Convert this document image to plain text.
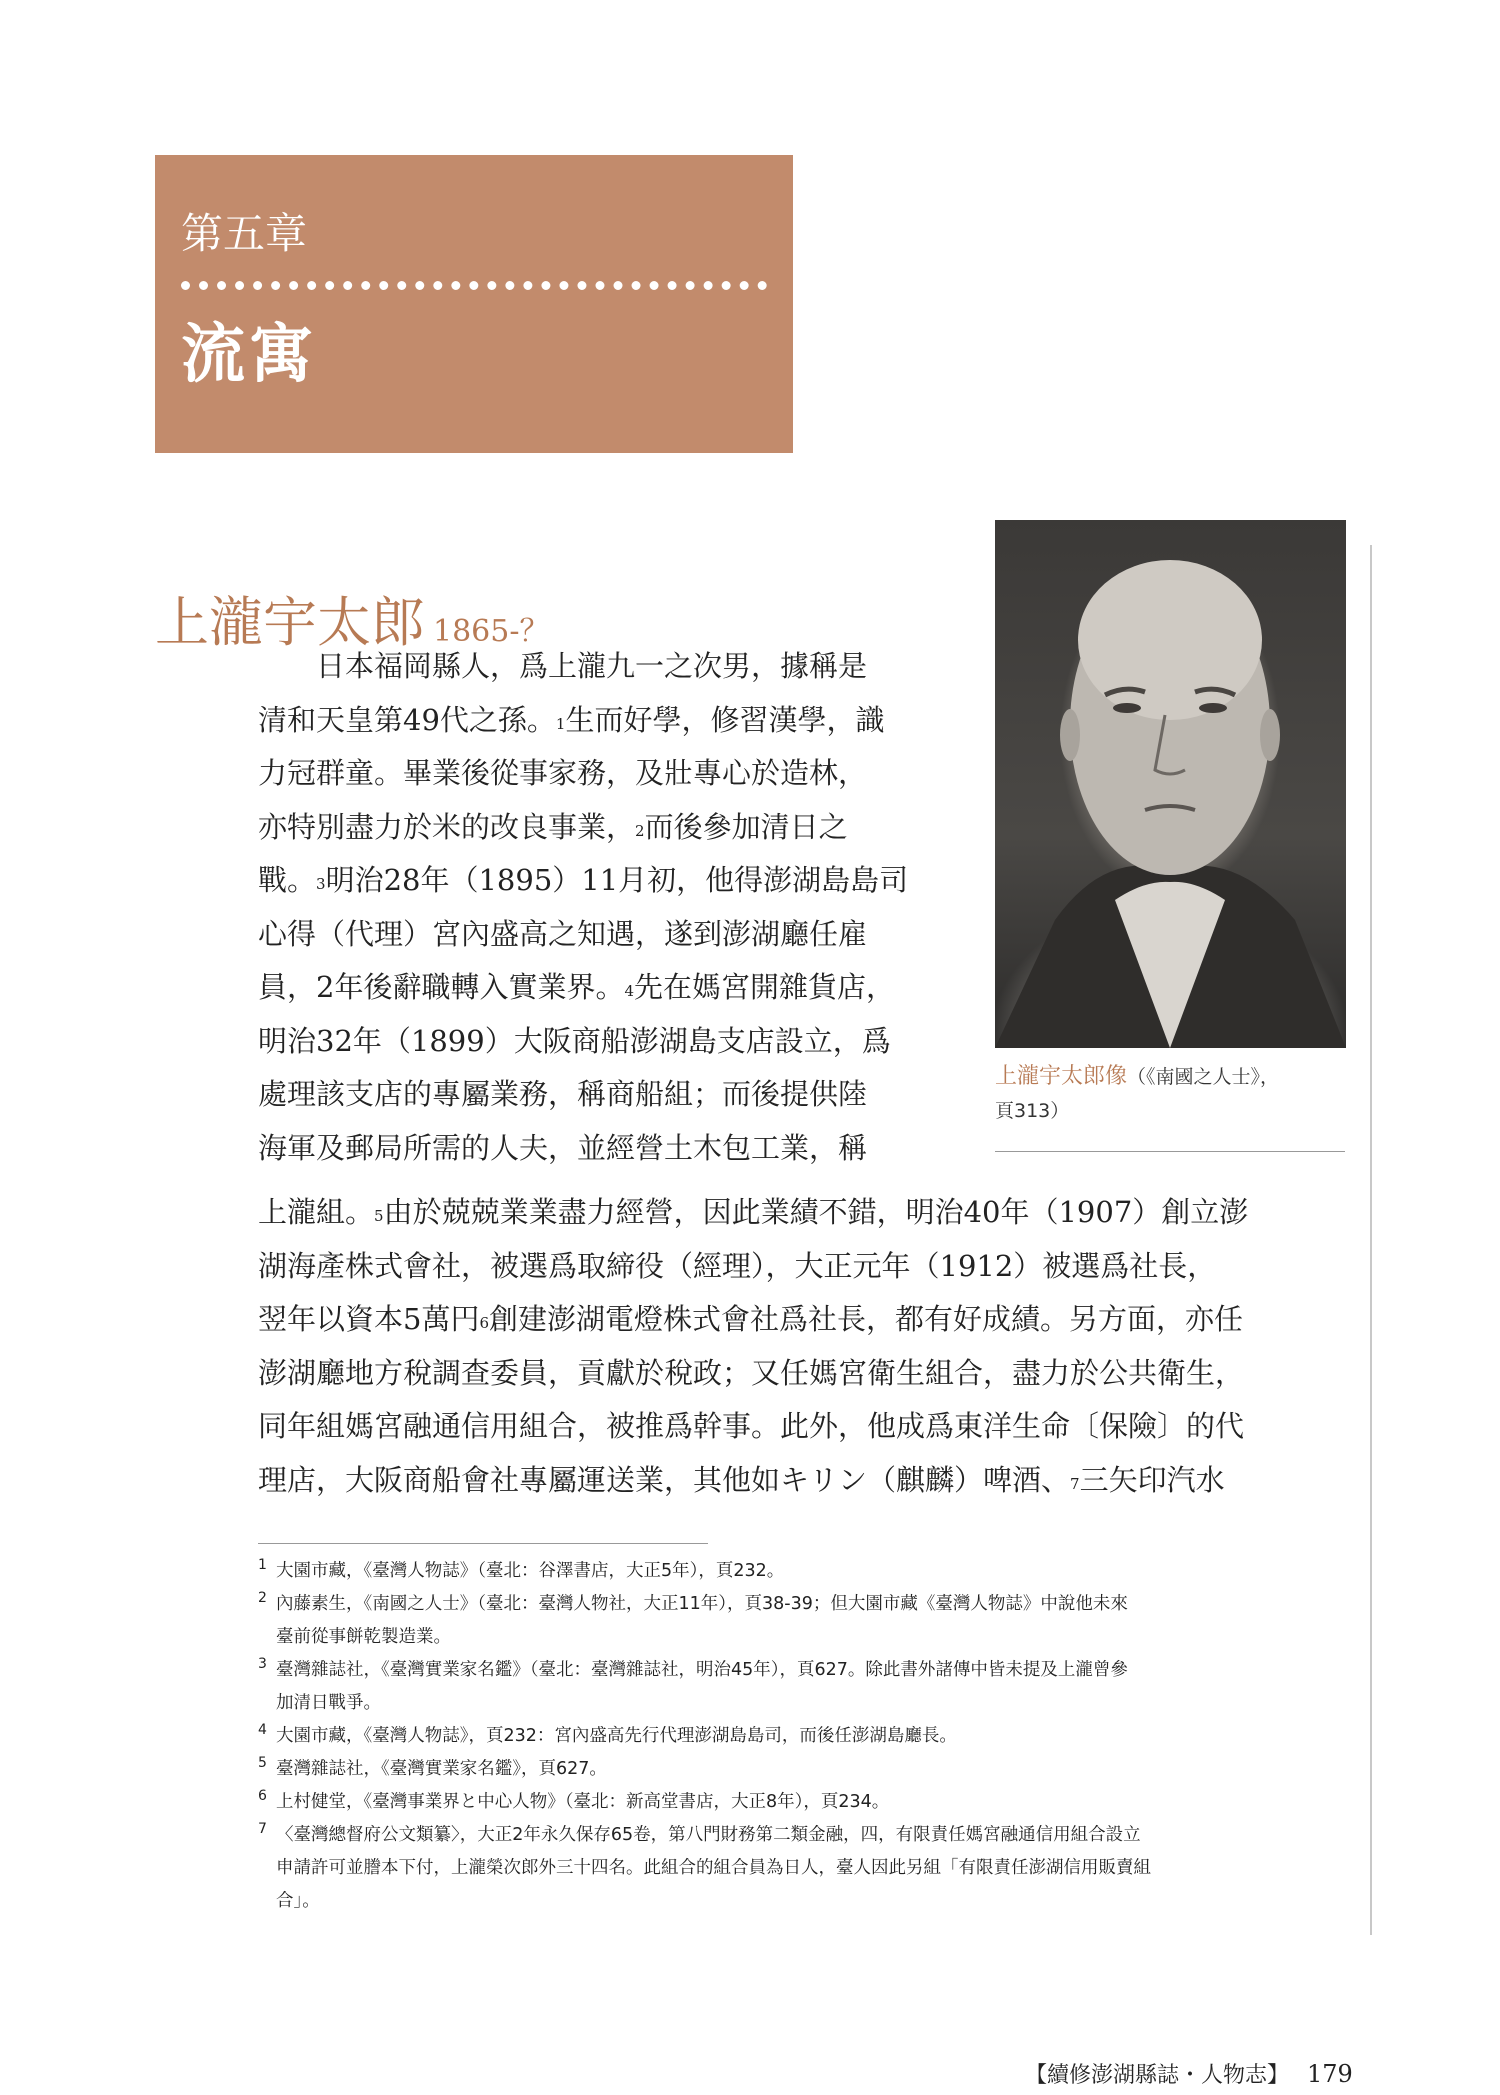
第五章
流寓
上瀧宇太郎 1865-？
上瀧宇太郎像（《南國之人士》，
頁313）
日本福岡縣人，爲上瀧九一之次男，據稱是
清和天皇第49代之孫。$^1$生而好學，修習漢學，識
力冠群童。畢業後從事家務，及壯專心於造林，
亦特別盡力於米的改良事業，$^2$而後參加清日之
戰。$^3$明治28年（1895）11月初，他得澎湖島島司
心得（代理）宮內盛高之知遇，遂到澎湖廳任雇
員，2年後辭職轉入實業界。$^4$先在媽宮開雜貨店，
明治32年（1899）大阪商船澎湖島支店設立，爲
處理該支店的專屬業務，稱商船組；而後提供陸
海軍及郵局所需的人夫，並經營土木包工業，稱
上瀧組。$^5$由於兢兢業業盡力經營，因此業績不錯，明治40年（1907）創立澎
湖海產株式會社，被選爲取締役（經理），大正元年（1912）被選爲社長，
翌年以資本5萬円$^6$創建澎湖電燈株式會社爲社長，都有好成績。另方面，亦任
澎湖廳地方稅調查委員，貢獻於稅政；又任媽宮衛生組合，盡力於公共衛生，
同年組媽宮融通信用組合，被推爲幹事。此外，他成爲東洋生命〔保險〕的代
理店，大阪商船會社專屬運送業，其他如キリン（麒麟）啤酒、$^7$三矢印汽水
1 大園市藏，《臺灣人物誌》（臺北：谷澤書店，大正5年），頁232。
2 內藤素生，《南國之人士》（臺北：臺灣人物社，大正11年），頁38-39；但大園市藏《臺灣人物誌》中說他未來
臺前從事餅乾製造業。
3 臺灣雜誌社，《臺灣實業家名鑑》（臺北：臺灣雜誌社，明治45年），頁627。除此書外諸傳中皆未提及上瀧曾參
加清日戰爭。
4 大園市藏，《臺灣人物誌》，頁232：宮內盛高先行代理澎湖島島司，而後任澎湖島廳長。
5 臺灣雜誌社，《臺灣實業家名鑑》，頁627。
6 上村健堂，《臺灣事業界と中心人物》（臺北：新高堂書店，大正8年），頁234。
7 〈臺灣總督府公文類纂〉，大正2年永久保存65卷，第八門財務第二類金融，四，有限責任媽宮融通信用組合設立
申請許可並謄本下付，上瀧榮次郎外三十四名。此組合的組合員為日人，臺人因此另組「有限責任澎湖信用販賣組
合」。
【續修澎湖縣誌・人物志】 179
